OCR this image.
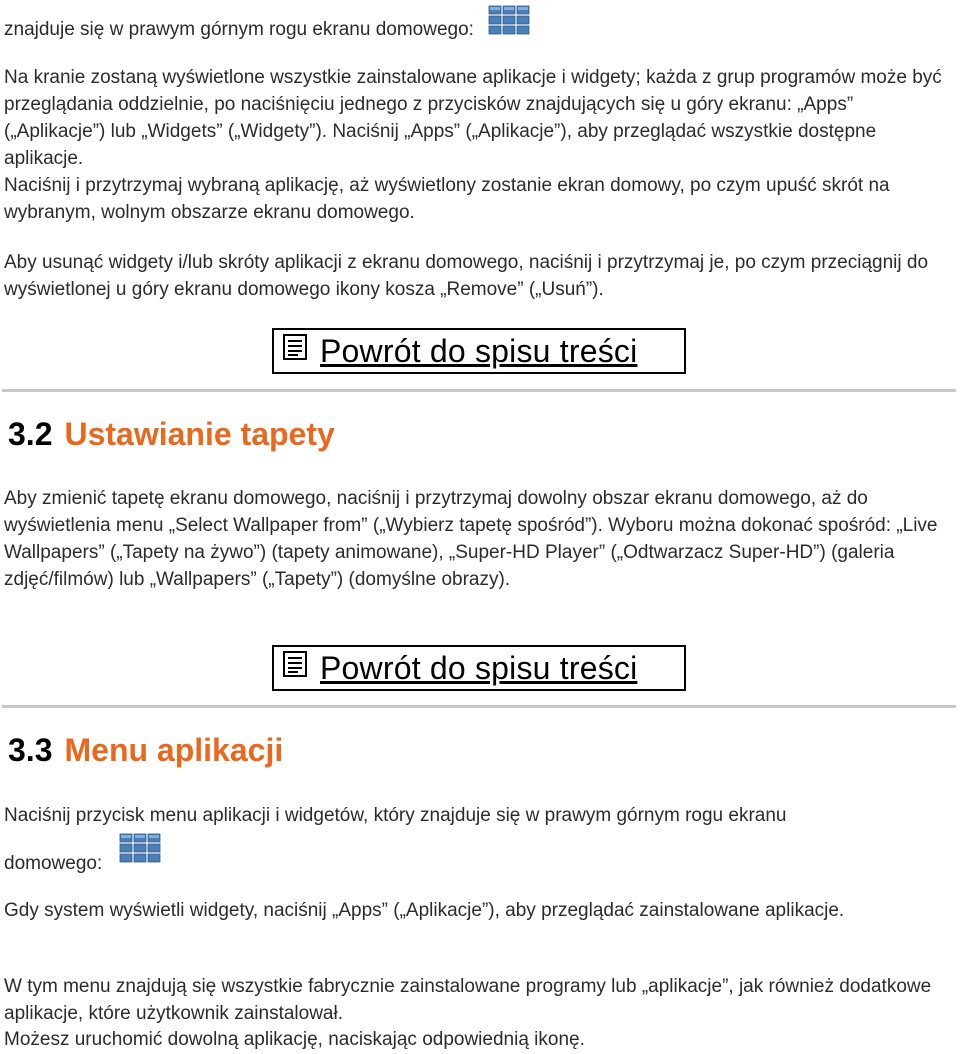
znajduje się w prawym górnym rogu ekranu domowego:

Na kranie zostaną wyświetlone wszystkie zainstalowane aplikacje i widgety; każda z grup programów może być przeglądania oddzielnie, po naciśnięciu jednego z przycisków znajdujących się u góry ekranu: „Apps” („Aplikacje”) lub „Widgets” („Widgety”). Naciśnij „Apps” („Aplikacje”), aby przeglądać wszystkie dostępne aplikacje.

Naciśnij i przytrzymaj wybraną aplikację, aż wyświetlony zostanie ekran domowy, po czym upuść skrót na wybranym, wolnym obszarze ekranu domowego.

Aby usunąć widgety i/lub skróty aplikacji z ekranu domowego, naciśnij i przytrzymaj je, po czym przeciągnij do wyświetlonej u góry ekranu domowego ikony kosza „Remove” („Usuń”).

Powrót do spisu treści
3.2 Ustawianie tapety

Aby zmienić tapetę ekranu domowego, naciśnij i przytrzymaj dowolny obszar ekranu domowego, aż do wyświetlenia menu „Select Wallpaper from” („Wybierz tapetę spośród”). Wyboru można dokonać spośród: „Live Wallpapers” („Tapety na żywo”) (tapety animowane), „Super-HD Player” („Odtwarzacz Super-HD”) (galeria zdjęć/filmów) lub „Wallpapers” („Tapety”) (domyślne obrazy).

Powrót do spisu treści
3.3 Menu aplikacji

Naciśnij przycisk menu aplikacji i widgetów, który znajduje się w prawym górnym rogu ekranu

domowego:

Gdy system wyświetli widgety, naciśnij „Apps” („Aplikacje”), aby przeglądać zainstalowane aplikacje.

W tym menu znajdują się wszystkie fabrycznie zainstalowane programy lub „aplikacje”, jak również dodatkowe aplikacje, które użytkownik zainstalował.

Możesz uruchomić dowolną aplikację, naciskając odpowiednią ikonę.
